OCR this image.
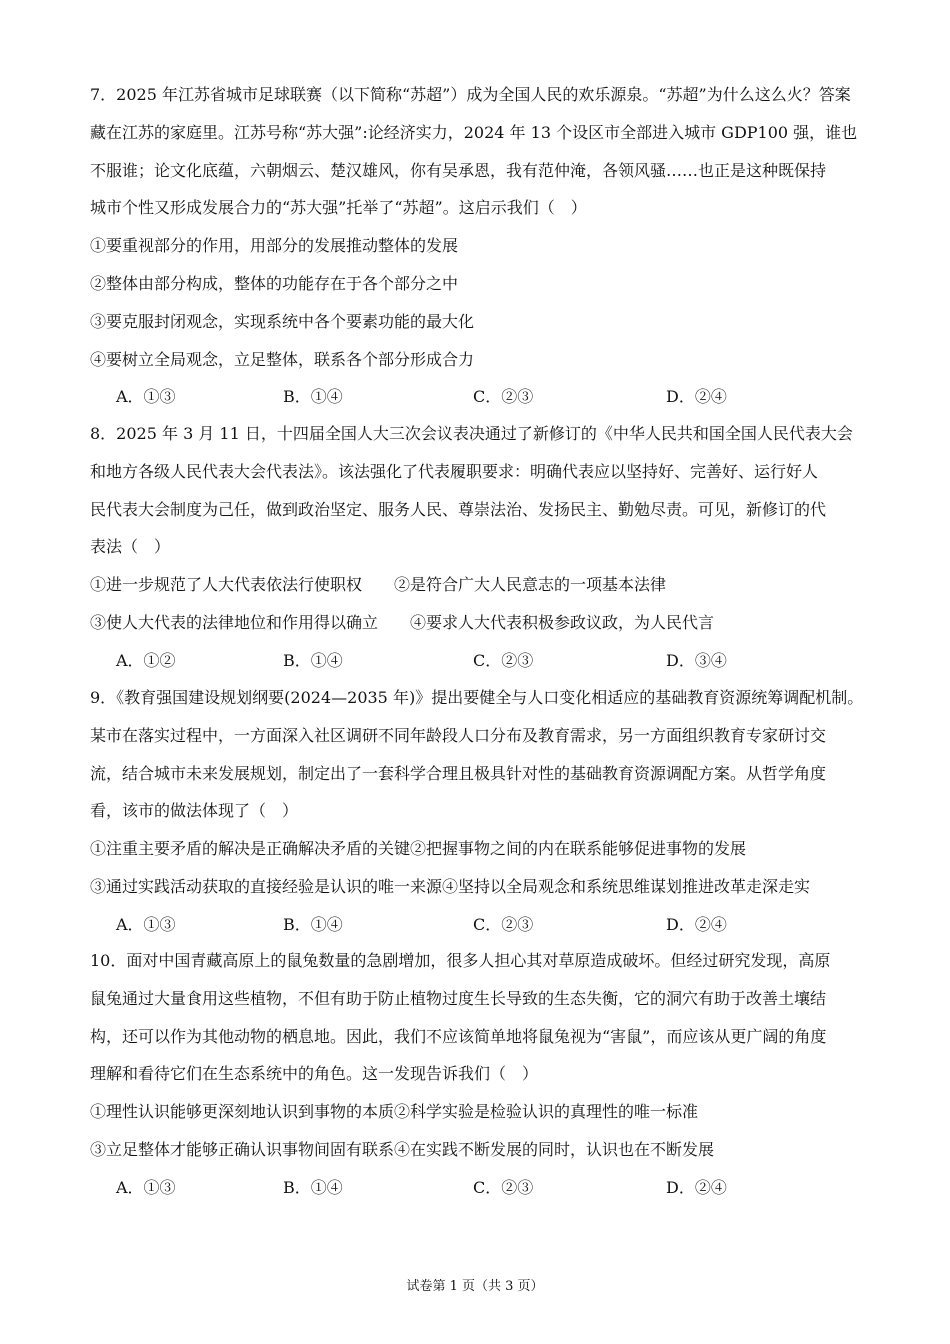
7．2025 年江苏省城市足球联赛（以下简称“苏超”）成为全国人民的欢乐源泉。“苏超”为什么这么火？答案
藏在江苏的家庭里。江苏号称“苏大强”:论经济实力，2024 年 13 个设区市全部进入城市 GDP100 强，谁也
不服谁；论文化底蕴，六朝烟云、楚汉雄风，你有吴承恩，我有范仲淹，各领风骚……也正是这种既保持
城市个性又形成发展合力的“苏大强”托举了“苏超”。这启示我们（　）
①要重视部分的作用，用部分的发展推动整体的发展
②整体由部分构成，整体的功能存在于各个部分之中
③要克服封闭观念，实现系统中各个要素功能的最大化
④要树立全局观念，立足整体，联系各个部分形成合力
A．①③	B．①④	C．②③	D．②④
8．2025 年 3 月 11 日，十四届全国人大三次会议表决通过了新修订的《中华人民共和国全国人民代表大会
和地方各级人民代表大会代表法》。该法强化了代表履职要求：明确代表应以坚持好、完善好、运行好人
民代表大会制度为己任，做到政治坚定、服务人民、尊崇法治、发扬民主、勤勉尽责。可见，新修订的代
表法（　）
①进一步规范了人大代表依法行使职权　　②是符合广大人民意志的一项基本法律
③使人大代表的法律地位和作用得以确立　　④要求人大代表积极参政议政，为人民代言
A．①②	B．①④	C．②③	D．③④
9．《教育强国建设规划纲要(2024—2035 年)》提出要健全与人口变化相适应的基础教育资源统筹调配机制。
某市在落实过程中，一方面深入社区调研不同年龄段人口分布及教育需求，另一方面组织教育专家研讨交
流，结合城市未来发展规划，制定出了一套科学合理且极具针对性的基础教育资源调配方案。从哲学角度
看，该市的做法体现了（　）
①注重主要矛盾的解决是正确解决矛盾的关键②把握事物之间的内在联系能够促进事物的发展
③通过实践活动获取的直接经验是认识的唯一来源④坚持以全局观念和系统思维谋划推进改革走深走实
A．①③	B．①④	C．②③	D．②④
10．面对中国青藏高原上的鼠兔数量的急剧增加，很多人担心其对草原造成破坏。但经过研究发现，高原
鼠兔通过大量食用这些植物，不但有助于防止植物过度生长导致的生态失衡，它的洞穴有助于改善土壤结
构，还可以作为其他动物的栖息地。因此，我们不应该简单地将鼠兔视为“害鼠”，而应该从更广阔的角度
理解和看待它们在生态系统中的角色。这一发现告诉我们（　）
①理性认识能够更深刻地认识到事物的本质②科学实验是检验认识的真理性的唯一标准
③立足整体才能够正确认识事物间固有联系④在实践不断发展的同时，认识也在不断发展
A．①③	B．①④	C．②③	D．②④
试卷第 1 页（共 3 页）
